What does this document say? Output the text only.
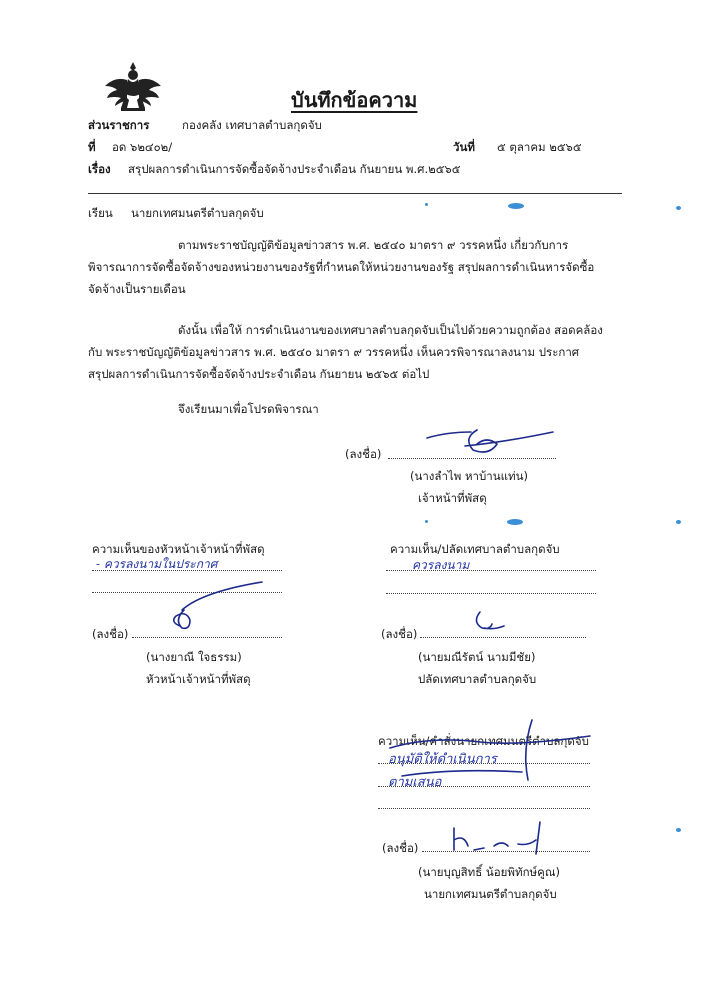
บันทึกข้อความ
ส่วนราชการ	กองคลัง เทศบาลตำบลกุดจับ
ที่ อด ๖๒๔๐๒/	วันที่ ๕ ตุลาคม ๒๕๖๕
เรื่อง สรุปผลการดำเนินการจัดซื้อจัดจ้างประจำเดือน กันยายน พ.ศ.๒๕๖๕
เรียน นายกเทศมนตรีตำบลกุดจับ
ตามพระราชบัญญัติข้อมูลข่าวสาร พ.ศ. ๒๕๔๐ มาตรา ๙ วรรคหนึ่ง เกี่ยวกับการ
พิจารณาการจัดซื้อจัดจ้างของหน่วยงานของรัฐที่กำหนดให้หน่วยงานของรัฐ สรุปผลการดำเนินหารจัดซื้อ
จัดจ้างเป็นรายเดือน
ดังนั้น เพื่อให้ การดำเนินงานของเทศบาลตำบลกุดจับเป็นไปด้วยความถูกต้อง สอดคล้อง
กับ พระราชบัญญัติข้อมูลข่าวสาร พ.ศ. ๒๕๔๐ มาตรา ๙ วรรคหนึ่ง เห็นควรพิจารณาลงนาม ประกาศ
สรุปผลการดำเนินการจัดซื้อจัดจ้างประจำเดือน กันยายน ๒๕๖๕ ต่อไป
จึงเรียนมาเพื่อโปรดพิจารณา
(ลงชื่อ)
(นางลำไพ หาบ้านแท่น)
เจ้าหน้าที่พัสดุ
ความเห็นของหัวหน้าเจ้าหน้าที่พัสดุ
- ควรลงนามในประกาศ
(ลงชื่อ)
(นางยาณี ใจธรรม)
หัวหน้าเจ้าหน้าที่พัสดุ
ความเห็น/ปลัดเทศบาลตำบลกุดจับ
ควรลงนาม
(ลงชื่อ)
(นายมณีรัตน์ นามมีชัย)
ปลัดเทศบาลตำบลกุดจับ
ความเห็น/คำสั่งนายกเทศมนตรีตำบลกุดจับ
อนุมัติให้ดำเนินการ
ตามเสนอ
(ลงชื่อ)
(นายบุญสิทธิ์ น้อยพิทักษ์คูณ)
นายกเทศมนตรีตำบลกุดจับ
